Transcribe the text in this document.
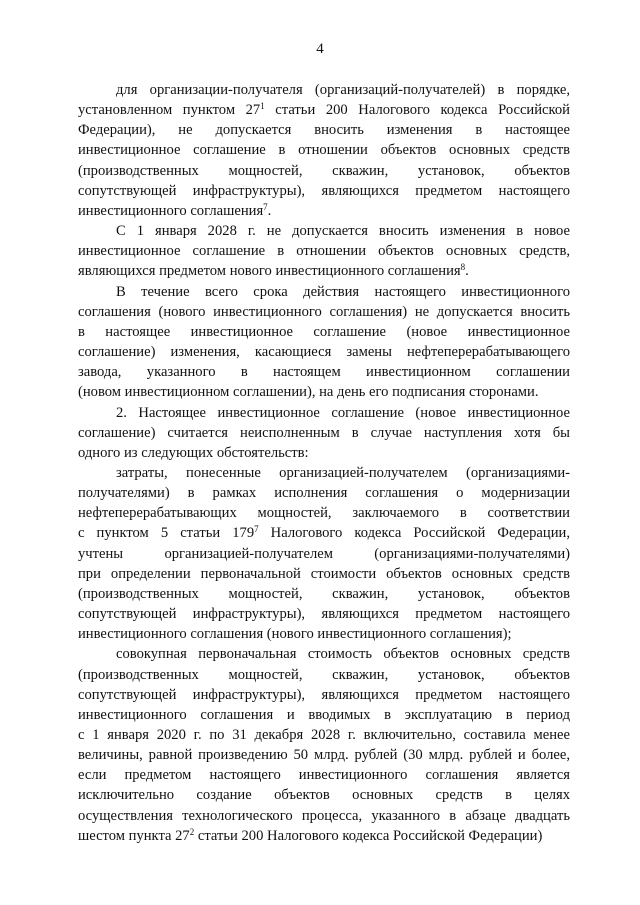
4
для организации-получателя (организаций-получателей) в порядке,
установленном пунктом $27^1$ статьи 200 Налогового кодекса Российской
Федерации), не допускается вносить изменения в настоящее
инвестиционное соглашение в отношении объектов основных средств
(производственных мощностей, скважин, установок, объектов
сопутствующей инфраструктуры), являющихся предметом настоящего
инвестиционного соглашения$^7$.
С 1 января 2028 г. не допускается вносить изменения в новое
инвестиционное соглашение в отношении объектов основных средств,
являющихся предметом нового инвестиционного соглашения$^8$.
В течение всего срока действия настоящего инвестиционного
соглашения (нового инвестиционного соглашения) не допускается вносить
в настоящее инвестиционное соглашение (новое инвестиционное
соглашение) изменения, касающиеся замены нефтеперерабатывающего
завода, указанного в настоящем инвестиционном соглашении
(новом инвестиционном соглашении), на день его подписания сторонами.
2. Настоящее инвестиционное соглашение (новое инвестиционное
соглашение) считается неисполненным в случае наступления хотя бы
одного из следующих обстоятельств:
затраты, понесенные организацией-получателем (организациями-
получателями) в рамках исполнения соглашения о модернизации
нефтеперерабатывающих мощностей, заключаемого в соответствии
с пунктом 5 статьи $179^7$ Налогового кодекса Российской Федерации,
учтены организацией-получателем (организациями-получателями)
при определении первоначальной стоимости объектов основных средств
(производственных мощностей, скважин, установок, объектов
сопутствующей инфраструктуры), являющихся предметом настоящего
инвестиционного соглашения (нового инвестиционного соглашения);
совокупная первоначальная стоимость объектов основных средств
(производственных мощностей, скважин, установок, объектов
сопутствующей инфраструктуры), являющихся предметом настоящего
инвестиционного соглашения и вводимых в эксплуатацию в период
с 1 января 2020 г. по 31 декабря 2028 г. включительно, составила менее
величины, равной произведению 50 млрд. рублей (30 млрд. рублей и более,
если предметом настоящего инвестиционного соглашения является
исключительно создание объектов основных средств в целях
осуществления технологического процесса, указанного в абзаце двадцать
шестом пункта $27^2$ статьи 200 Налогового кодекса Российской Федерации)
